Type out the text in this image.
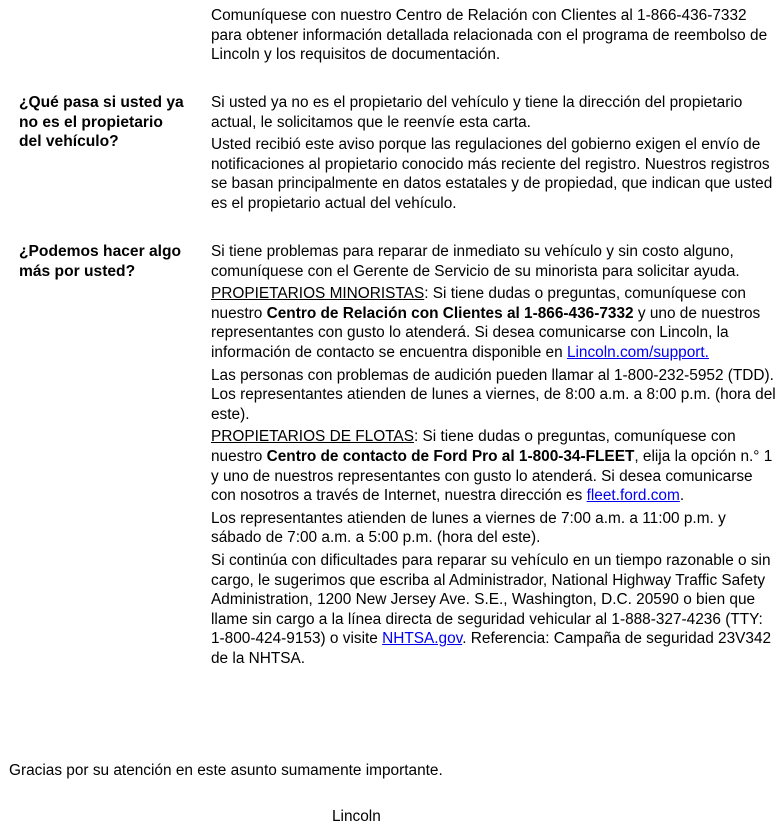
Comuníquese con nuestro Centro de Relación con Clientes al 1-866-436-7332 para obtener información detallada relacionada con el programa de reembolso de Lincoln y los requisitos de documentación.

¿Qué pasa si usted ya no es el propietario del vehículo?

Si usted ya no es el propietario del vehículo y tiene la dirección del propietario actual, le solicitamos que le reenvíe esta carta.

Usted recibió este aviso porque las regulaciones del gobierno exigen el envío de notificaciones al propietario conocido más reciente del registro. Nuestros registros se basan principalmente en datos estatales y de propiedad, que indican que usted es el propietario actual del vehículo.

¿Podemos hacer algo más por usted?

Si tiene problemas para reparar de inmediato su vehículo y sin costo alguno, comuníquese con el Gerente de Servicio de su minorista para solicitar ayuda.

PROPIETARIOS MINORISTAS: Si tiene dudas o preguntas, comuníquese con nuestro Centro de Relación con Clientes al 1-866-436-7332 y uno de nuestros representantes con gusto lo atenderá. Si desea comunicarse con Lincoln, la información de contacto se encuentra disponible en Lincoln.com/support.

Las personas con problemas de audición pueden llamar al 1-800-232-5952 (TDD). Los representantes atienden de lunes a viernes, de 8:00 a.m. a 8:00 p.m. (hora del este).

PROPIETARIOS DE FLOTAS: Si tiene dudas o preguntas, comuníquese con nuestro Centro de contacto de Ford Pro al 1-800-34-FLEET, elija la opción n.° 1 y uno de nuestros representantes con gusto lo atenderá. Si desea comunicarse con nosotros a través de Internet, nuestra dirección es fleet.ford.com.

Los representantes atienden de lunes a viernes de 7:00 a.m. a 11:00 p.m. y sábado de 7:00 a.m. a 5:00 p.m. (hora del este).

Si continúa con dificultades para reparar su vehículo en un tiempo razonable o sin cargo, le sugerimos que escriba al Administrador, National Highway Traffic Safety Administration, 1200 New Jersey Ave. S.E., Washington, D.C. 20590 o bien que llame sin cargo a la línea directa de seguridad vehicular al 1-888-327-4236 (TTY: 1-800-424-9153) o visite NHTSA.gov. Referencia: Campaña de seguridad 23V342 de la NHTSA.

Gracias por su atención en este asunto sumamente importante.
Lincoln
